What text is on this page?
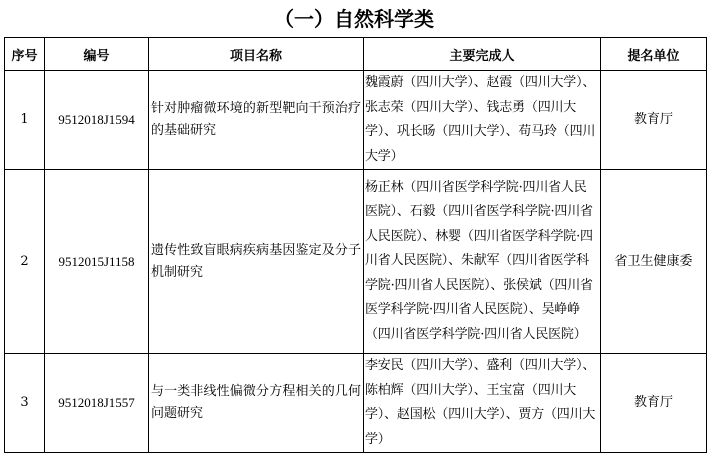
（一）自然科学类
序号	编号	项目名称	主要完成人	提名单位
1	9512018J1594	针对肿瘤微环境的新型靶向干预治疗的基础研究	魏霞蔚（四川大学）、赵霞（四川大学）、张志荣（四川大学）、钱志勇（四川大学）、巩长旸（四川大学）、苟马玲（四川大学）	教育厅
2	9512015J1158	遗传性致盲眼病疾病基因鉴定及分子机制研究	杨正林（四川省医学科学院·四川省人民医院）、石毅（四川省医学科学院·四川省人民医院）、林婴（四川省医学科学院·四川省人民医院）、朱献军（四川省医学科学院·四川省人民医院）、张侯斌（四川省医学科学院·四川省人民医院）、吴峥峥（四川省医学科学院·四川省人民医院）	省卫生健康委
3	9512018J1557	与一类非线性偏微分方程相关的几何问题研究	李安民（四川大学）、盛利（四川大学）、陈柏辉（四川大学）、王宝富（四川大学）、赵国松（四川大学）、贾方（四川大学）	教育厅
